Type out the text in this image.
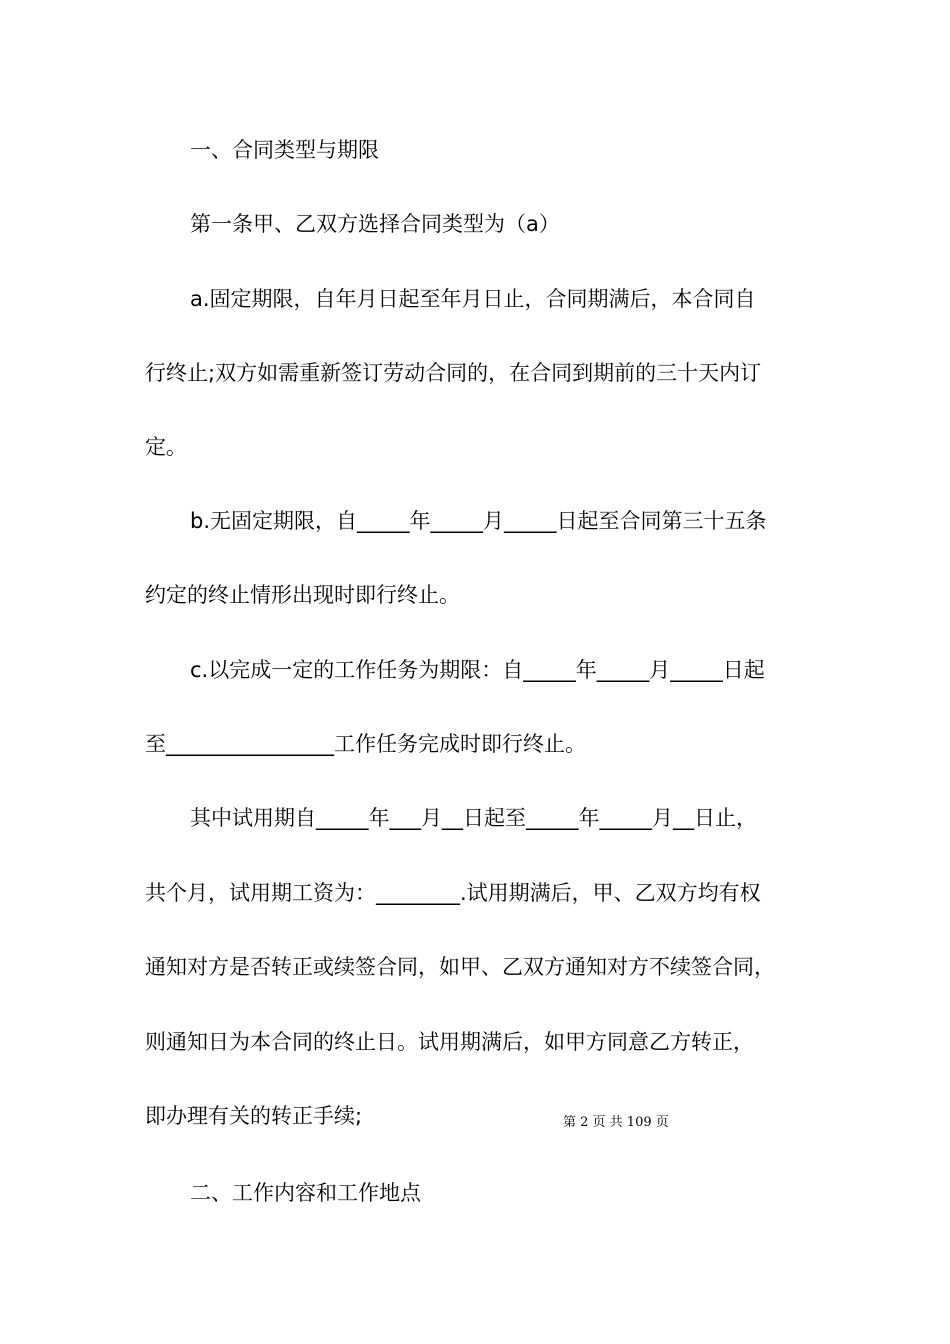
一、合同类型与期限
第一条甲、乙双方选择合同类型为（a）
a.固定期限，自年月日起至年月日止，合同期满后，本合同自
行终止;双方如需重新签订劳动合同的，在合同到期前的三十天内订
定。
b.无固定期限，自_____年_____月_____日起至合同第三十五条
约定的终止情形出现时即行终止。
c.以完成一定的工作任务为期限：自_____年_____月_____日起
至________________工作任务完成时即行终止。
其中试用期自_____年___月__日起至_____年_____月__日止，
共个月，试用期工资为：________.试用期满后，甲、乙双方均有权
通知对方是否转正或续签合同，如甲、乙双方通知对方不续签合同，
则通知日为本合同的终止日。试用期满后，如甲方同意乙方转正，
即办理有关的转正手续;	第 2 页 共 109 页
二、工作内容和工作地点
